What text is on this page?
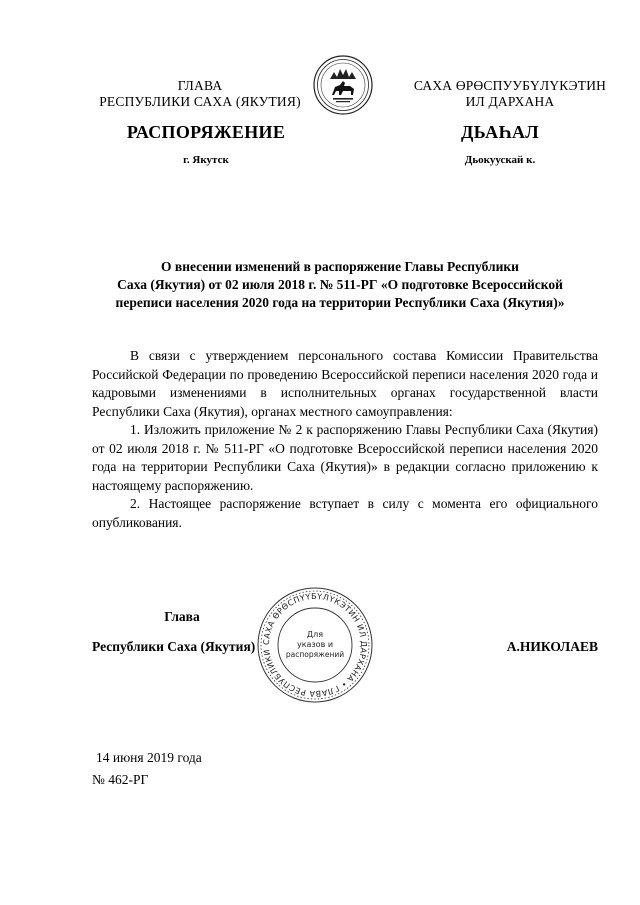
ГЛАВА
РЕСПУБЛИКИ САХА (ЯКУТИЯ)
САХА ӨРӨСПУУБҮЛҮКЭТИН
ИЛ ДАРХАНА
РАСПОРЯЖЕНИЕ	ДЬАҺАЛ
г. Якутск	Дьокуускай к.
О внесении изменений в распоряжение Главы Республики
Саха (Якутия) от 02 июля 2018 г. № 511-РГ «О подготовке Всероссийской
переписи населения 2020 года на территории Республики Саха (Якутия)»

В связи с утверждением персонального состава Комиссии Правительства Российской Федерации по проведению Всероссийской переписи населения 2020 года и кадровыми изменениями в исполнительных органах государственной власти Республики Саха (Якутия), органах местного самоуправления:

1. Изложить приложение № 2 к распоряжению Главы Республики Саха (Якутия) от 02 июля 2018 г. № 511-РГ «О подготовке Всероссийской переписи населения 2020 года на территории Республики Саха (Якутия)» в редакции согласно приложению к настоящему распоряжению.

2. Настоящее распоряжение вступает в силу с момента его официального опубликования.

Глава
Республики Саха (Якутия)	А.НИКОЛАЕВ
САХА ӨРӨСПҮҮБҮЛҮКЭТИН ИЛ ДАРХАНА • ГЛАВА РЕСПУБЛИКИ
Для
указов и
распоряжений
14 июня 2019 года
№ 462-РГ
